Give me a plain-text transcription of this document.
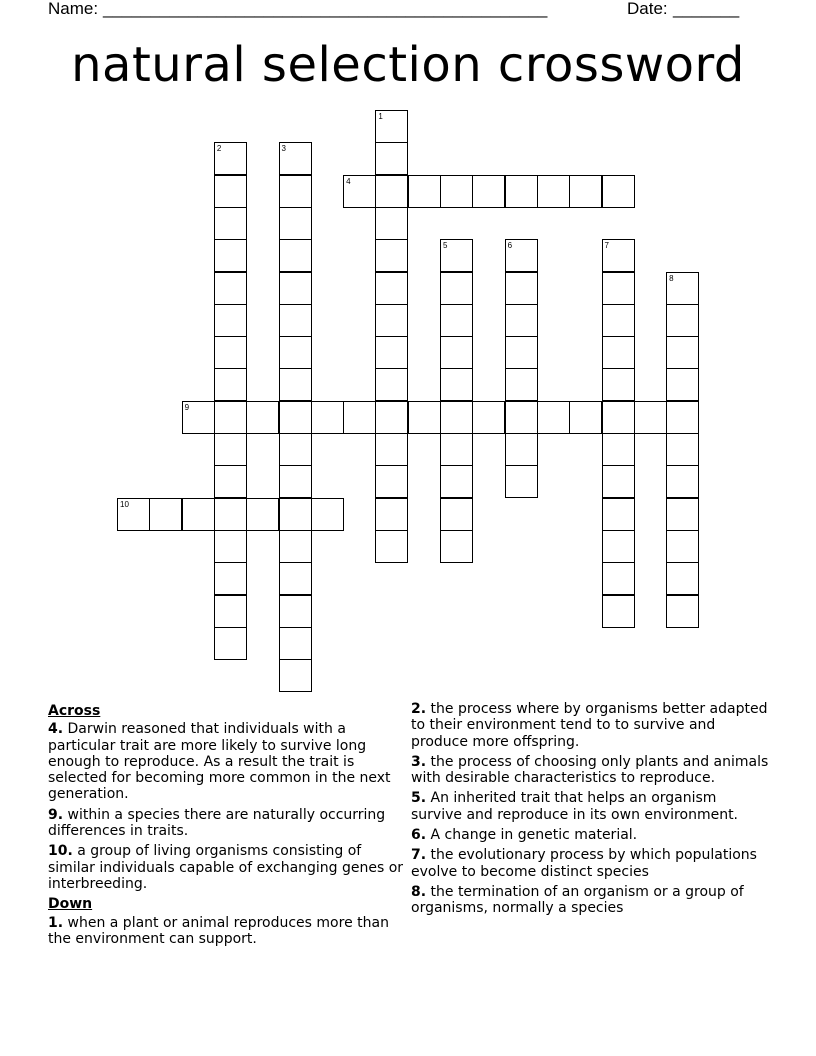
Name: _______________________________________________	Date: _______
natural selection crossword
1
2	3
4
5	6	7
8
9
10
Across
4. Darwin reasoned that individuals with a particular trait are more likely to survive long enough to reproduce. As a result the trait is selected for becoming more common in the next generation.
9. within a species there are naturally occurring differences in traits.
10. a group of living organisms consisting of similar individuals capable of exchanging genes or interbreeding.
Down
1. when a plant or animal reproduces more than the environment can support.
2. the process where by organisms better adapted to their environment tend to to survive and produce more offspring.
3. the process of choosing only plants and animals with desirable characteristics to reproduce.
5. An inherited trait that helps an organism survive and reproduce in its own environment.
6. A change in genetic material.
7. the evolutionary process by which populations evolve to become distinct species
8. the termination of an organism or a group of organisms, normally a species
